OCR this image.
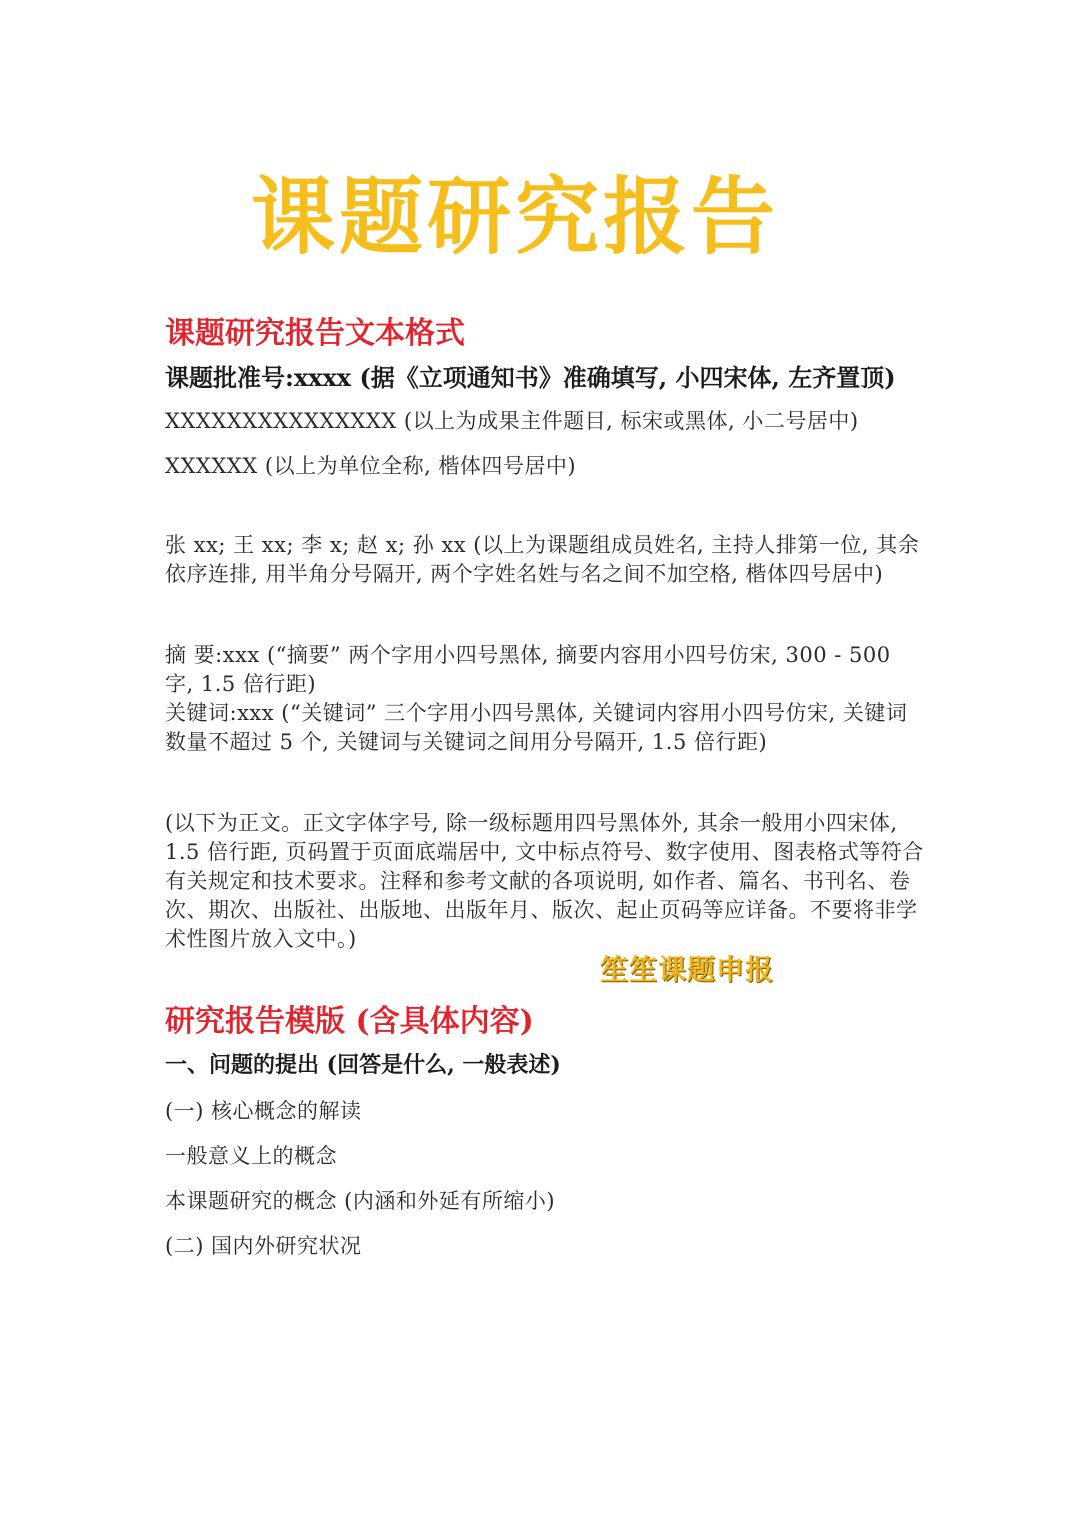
课题研究报告
课题研究报告文本格式
课题批准号:xxxx (据《立项通知书》准确填写, 小四宋体, 左齐置顶)
XXXXXXXXXXXXXXX (以上为成果主件题目, 标宋或黑体, 小二号居中)
XXXXXX (以上为单位全称, 楷体四号居中)
张 xx; 王 xx; 李 x; 赵 x; 孙 xx (以上为课题组成员姓名, 主持人排第一位, 其余依序连排, 用半角分号隔开, 两个字姓名姓与名之间不加空格, 楷体四号居中)
摘 要:xxx (“摘要” 两个字用小四号黑体, 摘要内容用小四号仿宋, 300 - 500 字, 1.5 倍行距)
关键词:xxx (“关键词” 三个字用小四号黑体, 关键词内容用小四号仿宋, 关键词数量不超过 5 个, 关键词与关键词之间用分号隔开, 1.5 倍行距)
(以下为正文。正文字体字号, 除一级标题用四号黑体外, 其余一般用小四宋体, 1.5 倍行距, 页码置于页面底端居中, 文中标点符号、数字使用、图表格式等符合有关规定和技术要求。注释和参考文献的各项说明, 如作者、篇名、书刊名、卷次、期次、出版社、出版地、出版年月、版次、起止页码等应详备。不要将非学术性图片放入文中。)
研究报告模版 (含具体内容)
一、问题的提出 (回答是什么, 一般表述)
(一) 核心概念的解读
一般意义上的概念
本课题研究的概念 (内涵和外延有所缩小)
(二) 国内外研究状况
笙笙课题申报
